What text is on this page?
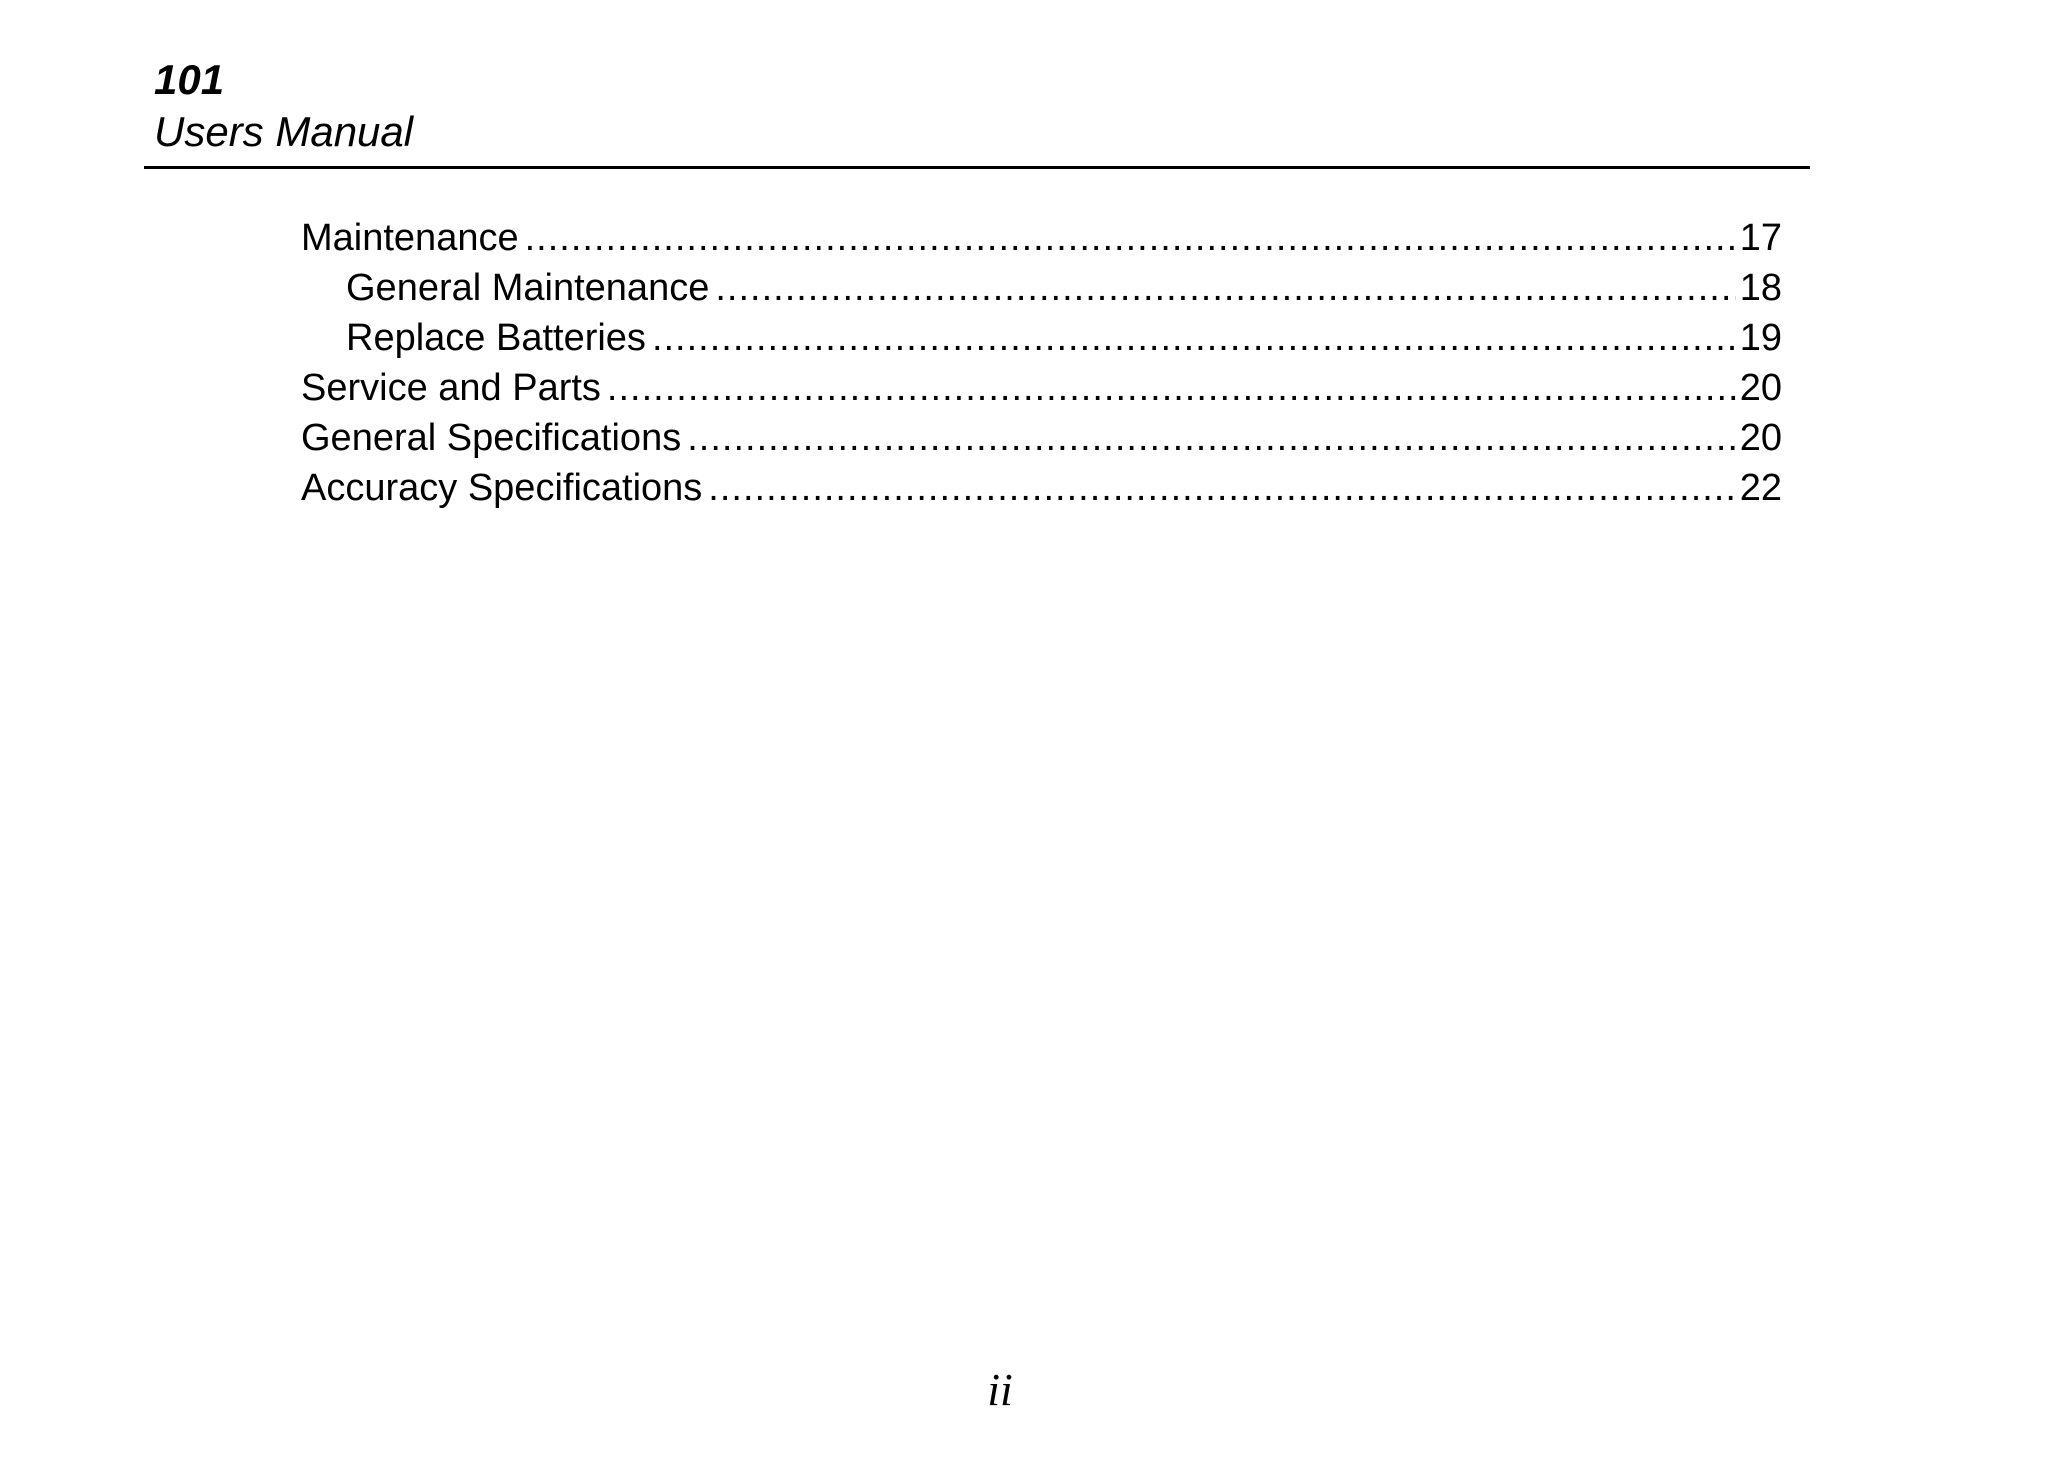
101
Users Manual
Maintenance .....	17
General Maintenance .....	18
Replace Batteries .....	19
Service and Parts .....	20
General Specifications .....	20
Accuracy Specifications .....	22
ii
